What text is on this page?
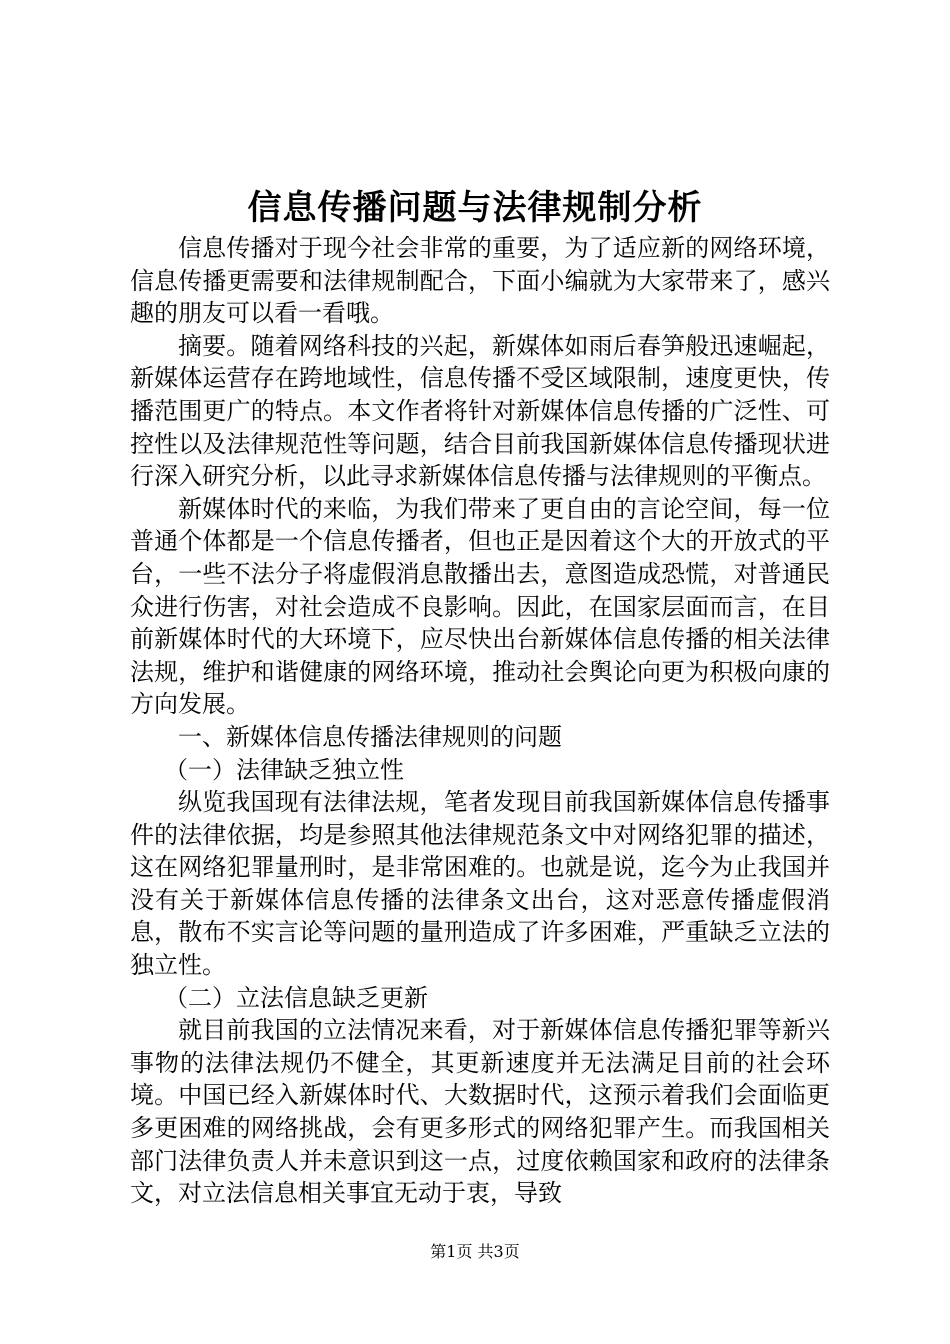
信息传播问题与法律规制分析

信息传播对于现今社会非常的重要，为了适应新的网络环境，信息传播更需要和法律规制配合，下面小编就为大家带来了，感兴趣的朋友可以看一看哦。

摘要。随着网络科技的兴起，新媒体如雨后春笋般迅速崛起，新媒体运营存在跨地域性，信息传播不受区域限制，速度更快，传播范围更广的特点。本文作者将针对新媒体信息传播的广泛性、可控性以及法律规范性等问题，结合目前我国新媒体信息传播现状进行深入研究分析，以此寻求新媒体信息传播与法律规则的平衡点。

新媒体时代的来临，为我们带来了更自由的言论空间，每一位普通个体都是一个信息传播者，但也正是因着这个大的开放式的平台，一些不法分子将虚假消息散播出去，意图造成恐慌，对普通民众进行伤害，对社会造成不良影响。因此，在国家层面而言，在目前新媒体时代的大环境下，应尽快出台新媒体信息传播的相关法律法规，维护和谐健康的网络环境，推动社会舆论向更为积极向康的方向发展。

一、新媒体信息传播法律规则的问题

（一）法律缺乏独立性

纵览我国现有法律法规，笔者发现目前我国新媒体信息传播事件的法律依据，均是参照其他法律规范条文中对网络犯罪的描述，这在网络犯罪量刑时，是非常困难的。也就是说，迄今为止我国并没有关于新媒体信息传播的法律条文出台，这对恶意传播虚假消息，散布不实言论等问题的量刑造成了许多困难，严重缺乏立法的独立性。

（二）立法信息缺乏更新

就目前我国的立法情况来看，对于新媒体信息传播犯罪等新兴事物的法律法规仍不健全，其更新速度并无法满足目前的社会环境。中国已经入新媒体时代、大数据时代，这预示着我们会面临更多更困难的网络挑战，会有更多形式的网络犯罪产生。而我国相关部门法律负责人并未意识到这一点，过度依赖国家和政府的法律条文，对立法信息相关事宜无动于衷，导致

第1页 共3页
